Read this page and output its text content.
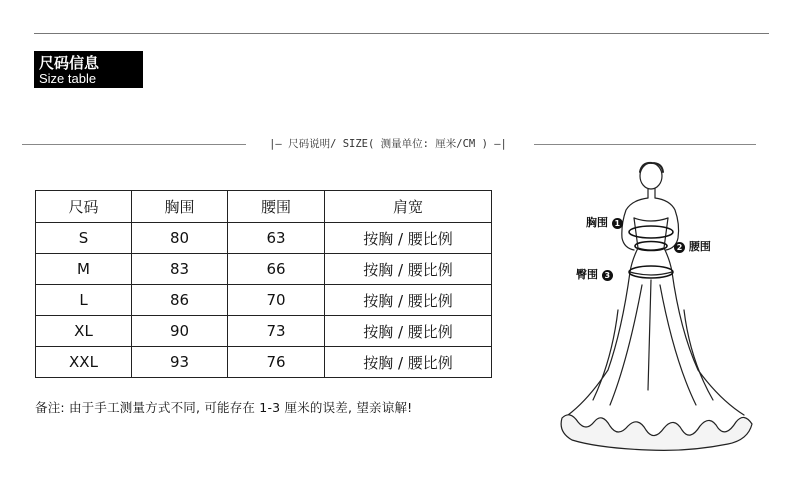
尺码信息
Size table
|— 尺码说明/ SIZE( 测量单位: 厘米/CM ) —|
尺码	胸围	腰围	肩宽
S	80	63	按胸 / 腰比例
M	83	66	按胸 / 腰比例
L	86	70	按胸 / 腰比例
XL	90	73	按胸 / 腰比例
XXL	93	76	按胸 / 腰比例
备注: 由于手工测量方式不同, 可能存在 1-3 厘米的误差, 望亲谅解!
胸围 1
2 腰围
臀围 3
